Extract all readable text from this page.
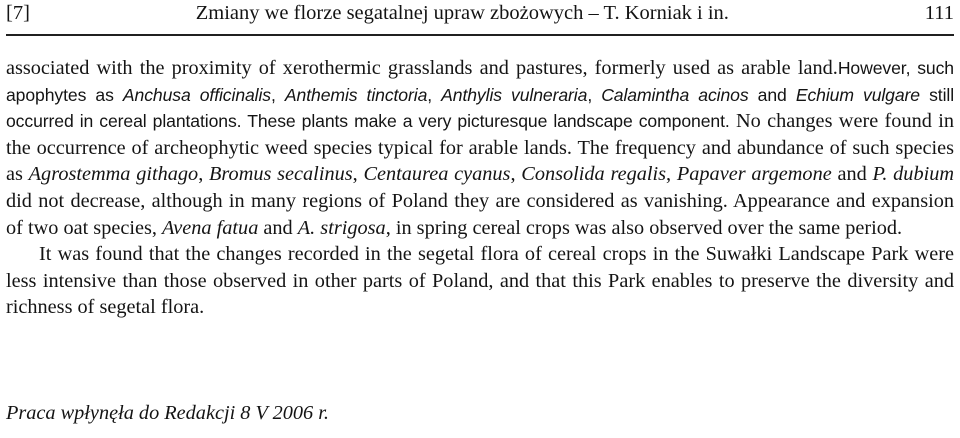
[7]	Zmiany we florze segatalnej upraw zbożowych – T. Korniak i in.	111

associated with the proximity of xerothermic grasslands and pastures, formerly used as arable land.However, such apophytes as Anchusa officinalis, Anthemis tinctoria, Anthylis vulneraria, Calamintha acinos and Echium vulgare still occurred in cereal plantations. These plants make a very picturesque landscape component. No changes were found in the occurrence of archeophytic weed species typical for arable lands. The frequency and abundance of such species as Agrostemma githago, Bromus secalinus, Centaurea cyanus, Consolida regalis, Papaver argemone and P. dubium did not decrease, although in many regions of Poland they are considered as vanishing. Appearance and expansion of two oat species, Avena fatua and A. strigosa, in spring cereal crops was also observed over the same period.

It was found that the changes recorded in the segetal flora of cereal crops in the Suwałki Landscape Park were less intensive than those observed in other parts of Poland, and that this Park enables to preserve the diversity and richness of segetal flora.

Praca wpłynęła do Redakcji 8 V 2006 r.
